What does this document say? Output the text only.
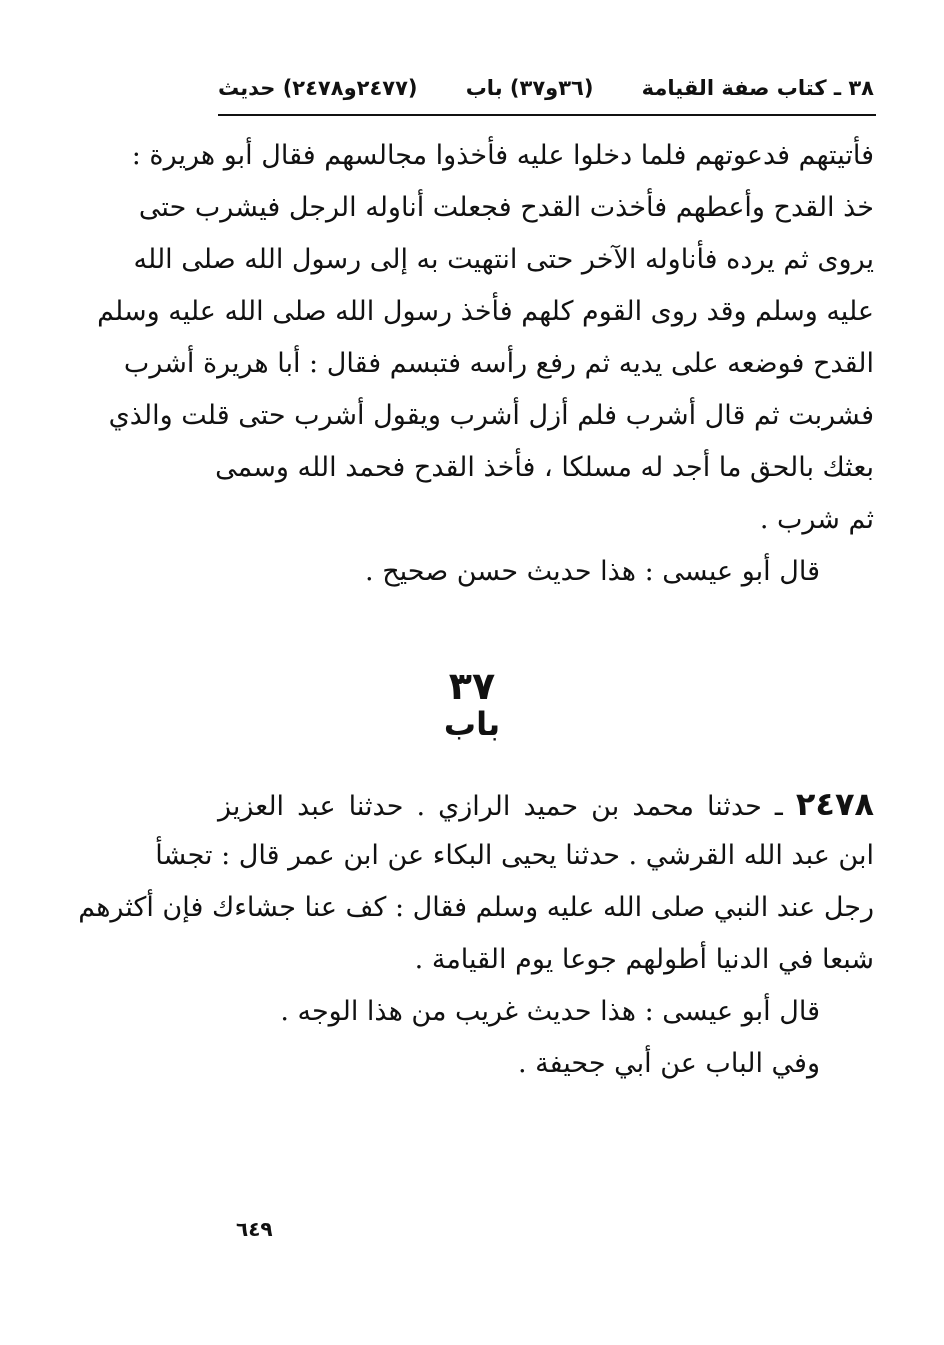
٣٨ ـ كتاب صفة القيامة
(٣٦و٣٧) باب
(٢٤٧٧و٢٤٧٨) حديث
فأتيتهم فدعوتهم فلما دخلوا عليه فأخذوا مجالسهم فقال أبو هريرة :
خذ القدح وأعطهم فأخذت القدح فجعلت أناوله الرجل فيشرب حتى
يروى ثم يرده فأناوله الآخر حتى انتهيت به إلى رسول الله صلى الله
عليه وسلم وقد روى القوم كلهم فأخذ رسول الله صلى الله عليه وسلم
القدح فوضعه على يديه ثم رفع رأسه فتبسم فقال : أبا هريرة أشرب
فشربت ثم قال أشرب فلم أزل أشرب ويقول أشرب حتى قلت والذي
بعثك بالحق ما أجد له مسلكا ، فأخذ القدح فحمد الله وسمى
ثم شرب .
قال أبو عيسى : هذا حديث حسن صحيح .
٣٧
باب
٢٤٧٨ ـ حدثنا محمد بن حميد الرازي . حدثنا عبد العزيز
ابن عبد الله القرشي . حدثنا يحيى البكاء عن ابن عمر قال : تجشأ
رجل عند النبي صلى الله عليه وسلم فقال : كف عنا جشاءك فإن أكثرهم
شبعا في الدنيا أطولهم جوعا يوم القيامة .
قال أبو عيسى : هذا حديث غريب من هذا الوجه .
وفي الباب عن أبي جحيفة .
٦٤٩
